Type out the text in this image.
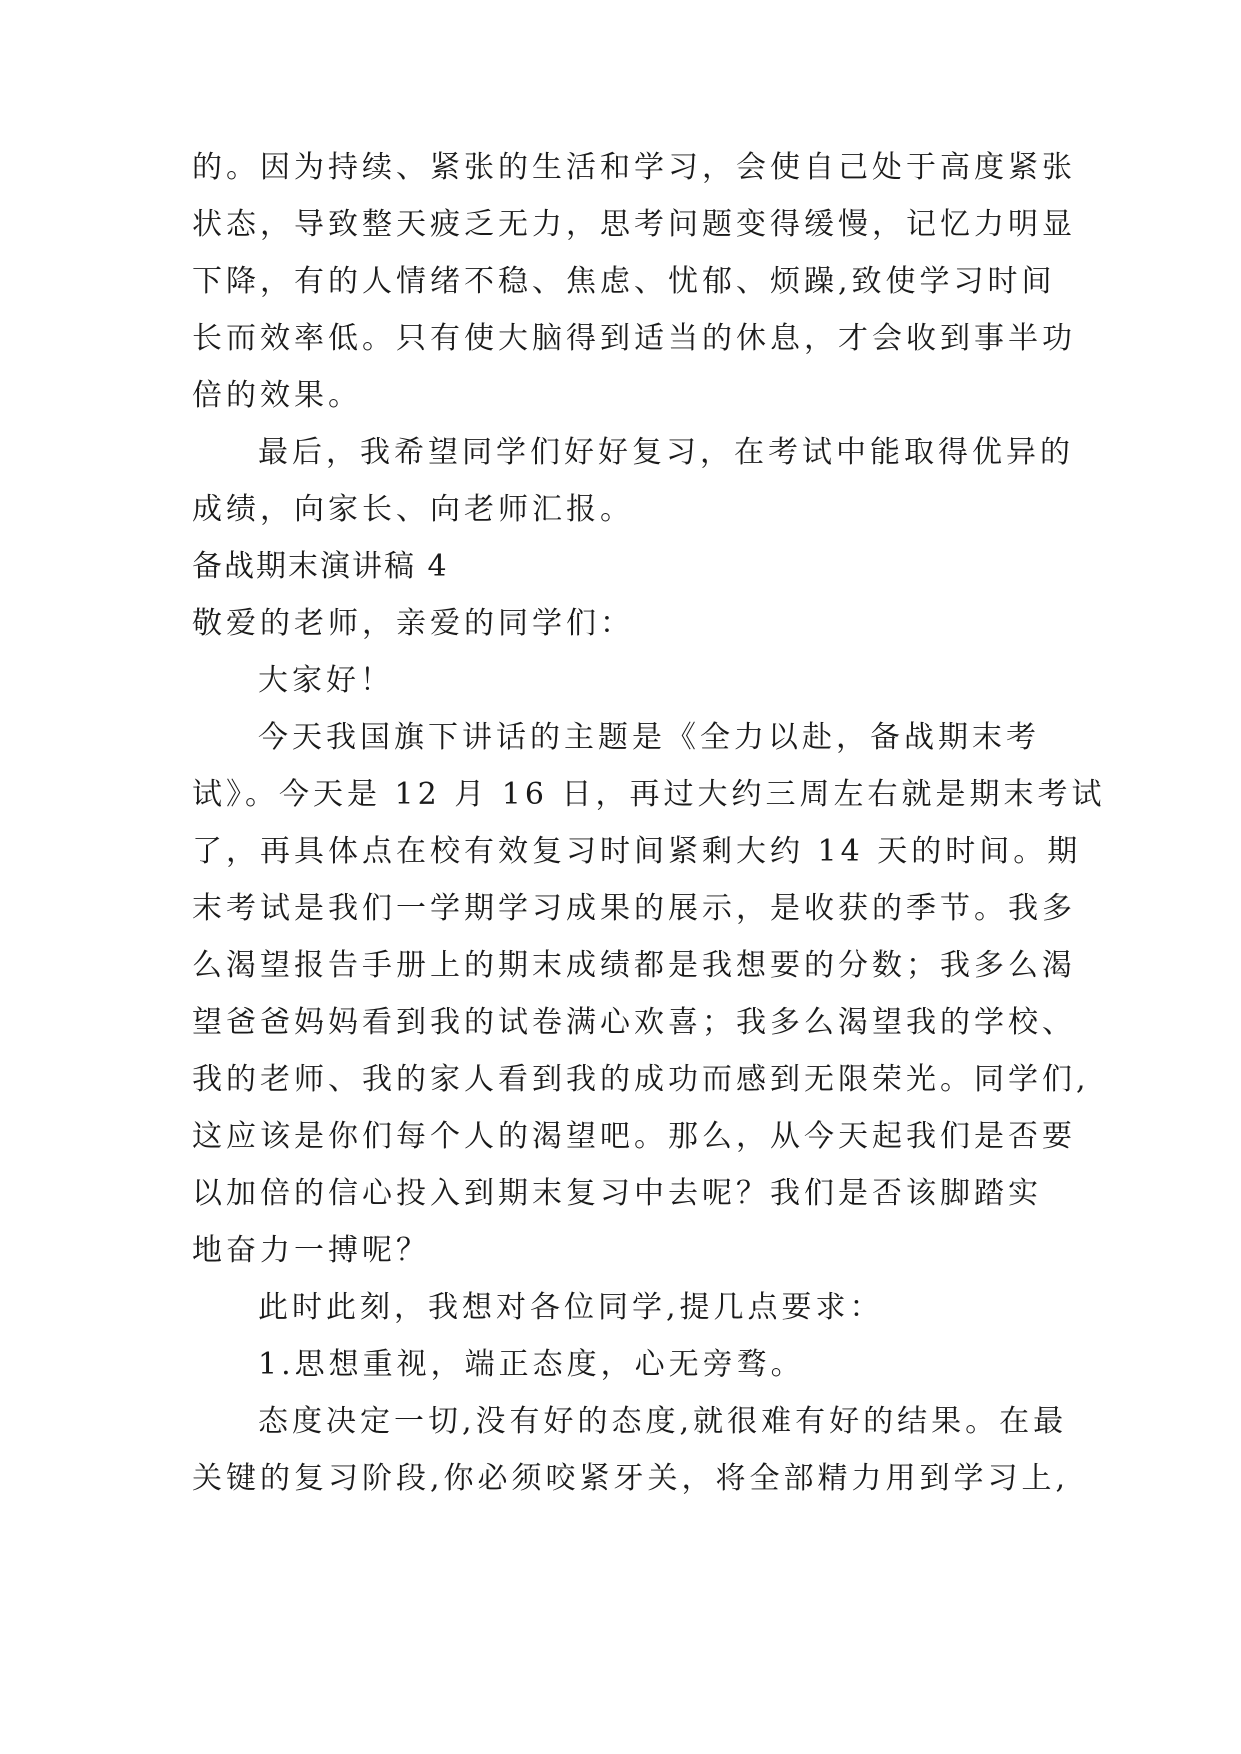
的。因为持续、紧张的生活和学习，会使自己处于高度紧张
状态，导致整天疲乏无力，思考问题变得缓慢，记忆力明显
下降，有的人情绪不稳、焦虑、忧郁、烦躁,致使学习时间
长而效率低。只有使大脑得到适当的休息，才会收到事半功
倍的效果。
最后，我希望同学们好好复习，在考试中能取得优异的
成绩，向家长、向老师汇报。
备战期末演讲稿 4
敬爱的老师，亲爱的同学们：
大家好！
今天我国旗下讲话的主题是《全力以赴，备战期末考
试》。今天是 12 月 16 日，再过大约三周左右就是期末考试
了，再具体点在校有效复习时间紧剩大约 14 天的时间。期
末考试是我们一学期学习成果的展示，是收获的季节。我多
么渴望报告手册上的期末成绩都是我想要的分数；我多么渴
望爸爸妈妈看到我的试卷满心欢喜；我多么渴望我的学校、
我的老师、我的家人看到我的成功而感到无限荣光。同学们,
这应该是你们每个人的渴望吧。那么，从今天起我们是否要
以加倍的信心投入到期末复习中去呢？我们是否该脚踏实
地奋力一搏呢？
此时此刻，我想对各位同学,提几点要求：
1.思想重视，端正态度，心无旁骛。
态度决定一切,没有好的态度,就很难有好的结果。在最
关键的复习阶段,你必须咬紧牙关，将全部精力用到学习上,
